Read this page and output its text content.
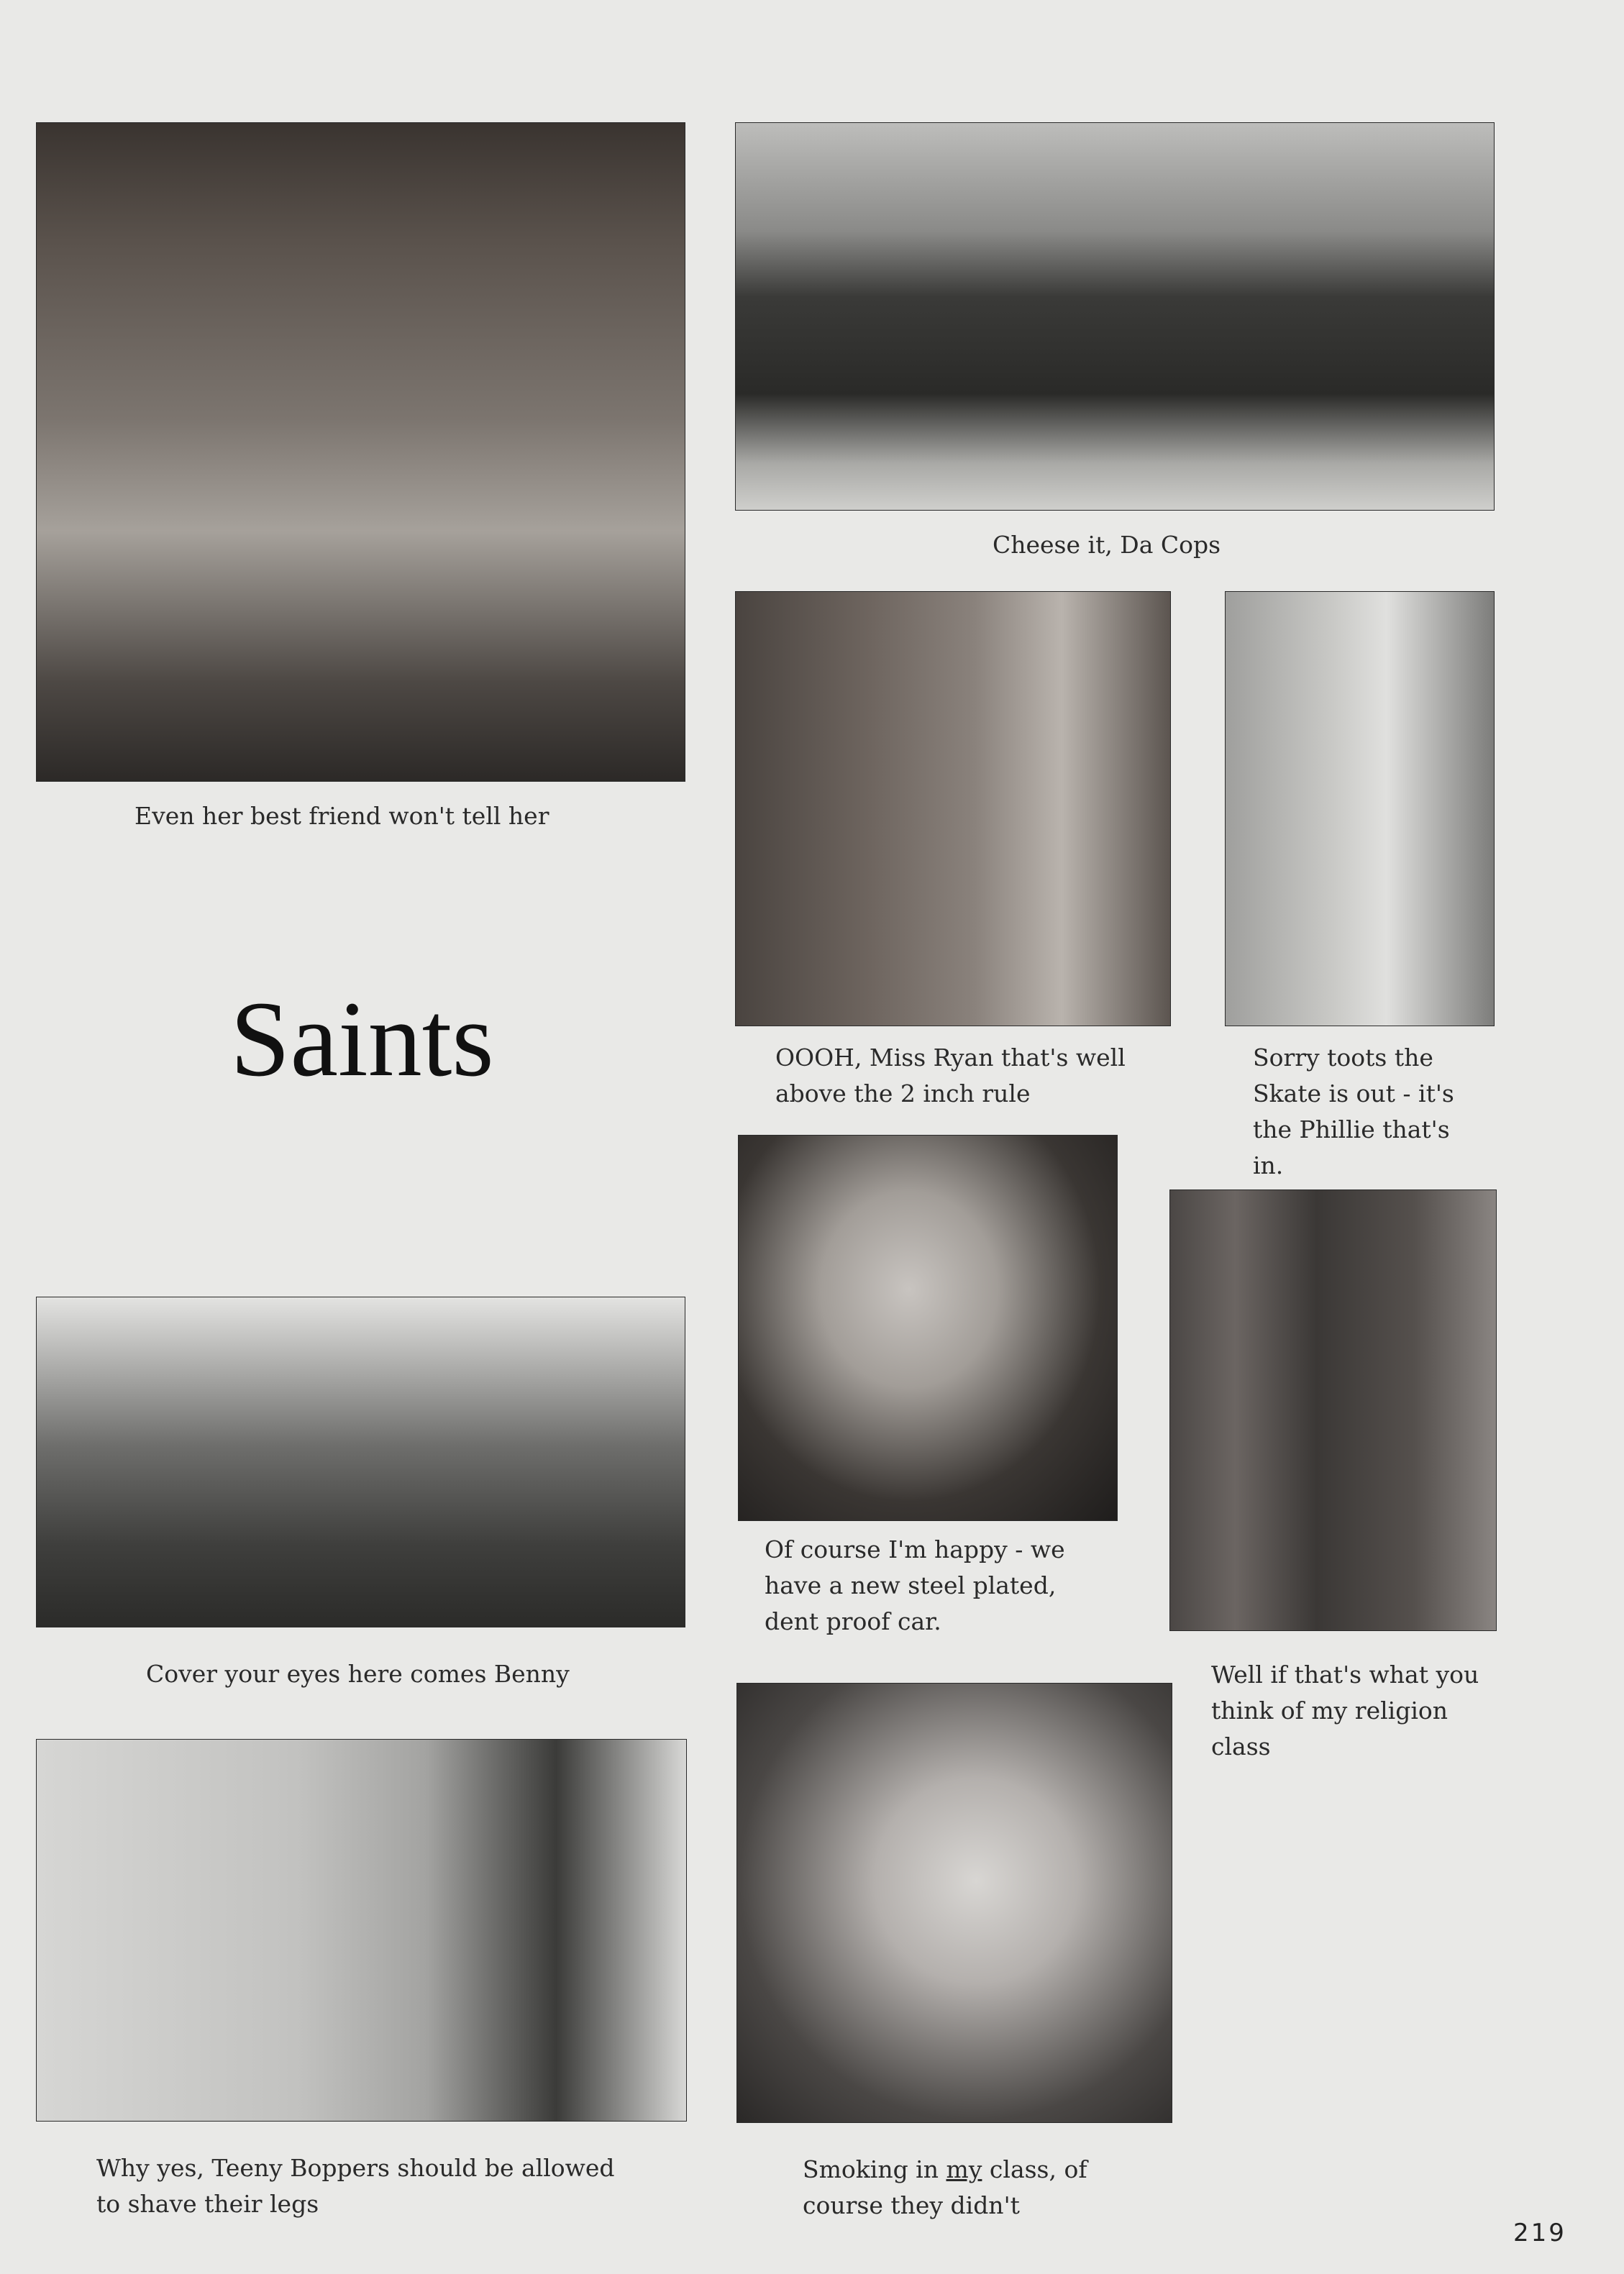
Saints

Even her best friend won't tell her

Cheese it, Da Cops

OOOH, Miss Ryan that's well
above the 2 inch rule

Sorry toots the
Skate is out - it's
the Phillie that's
in.

Cover your eyes here comes Benny

Of course I'm happy - we
have a new steel plated,
dent proof car.

Well if that's what you
think of my religion
class

Why yes, Teeny Boppers should be allowed
to shave their legs

Smoking in my class, of
course they didn't

219
